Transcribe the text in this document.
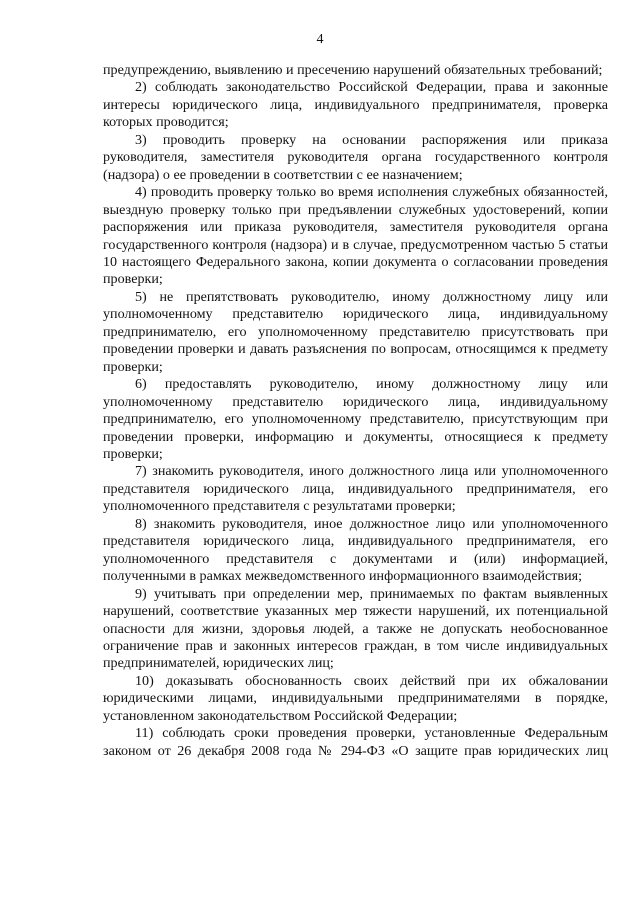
4

предупреждению, выявлению и пресечению нарушений обязательных требований;

2) соблюдать законодательство Российской Федерации, права и законные интересы юридического лица, индивидуального предпринимателя, проверка которых проводится;

3) проводить проверку на основании распоряжения или приказа руководителя, заместителя руководителя органа государственного контроля (надзора) о ее проведении в соответствии с ее назначением;

4) проводить проверку только во время исполнения служебных обязанностей, выездную проверку только при предъявлении служебных удостоверений, копии распоряжения или приказа руководителя, заместителя руководителя органа государственного контроля (надзора) и в случае, предусмотренном частью 5 статьи 10 настоящего Федерального закона, копии документа о согласовании проведения проверки;

5) не препятствовать руководителю, иному должностному лицу или уполномоченному представителю юридического лица, индивидуальному предпринимателю, его уполномоченному представителю присутствовать при проведении проверки и давать разъяснения по вопросам, относящимся к предмету проверки;

6) предоставлять руководителю, иному должностному лицу или уполномоченному представителю юридического лица, индивидуальному предпринимателю, его уполномоченному представителю, присутствующим при проведении проверки, информацию и документы, относящиеся к предмету проверки;

7) знакомить руководителя, иного должностного лица или уполномоченного представителя юридического лица, индивидуального предпринимателя, его уполномоченного представителя с результатами проверки;

8) знакомить руководителя, иное должностное лицо или уполномоченного представителя юридического лица, индивидуального предпринимателя, его уполномоченного представителя с документами и (или) информацией, полученными в рамках межведомственного информационного взаимодействия;

9) учитывать при определении мер, принимаемых по фактам выявленных нарушений, соответствие указанных мер тяжести нарушений, их потенциальной опасности для жизни, здоровья людей, а также не допускать необоснованное ограничение прав и законных интересов граждан, в том числе индивидуальных предпринимателей, юридических лиц;

10) доказывать обоснованность своих действий при их обжаловании юридическими лицами, индивидуальными предпринимателями в порядке, установленном законодательством Российской Федерации;

11) соблюдать сроки проведения проверки, установленные Федеральным законом от 26 декабря 2008 года № 294-ФЗ «О защите прав юридических лиц
